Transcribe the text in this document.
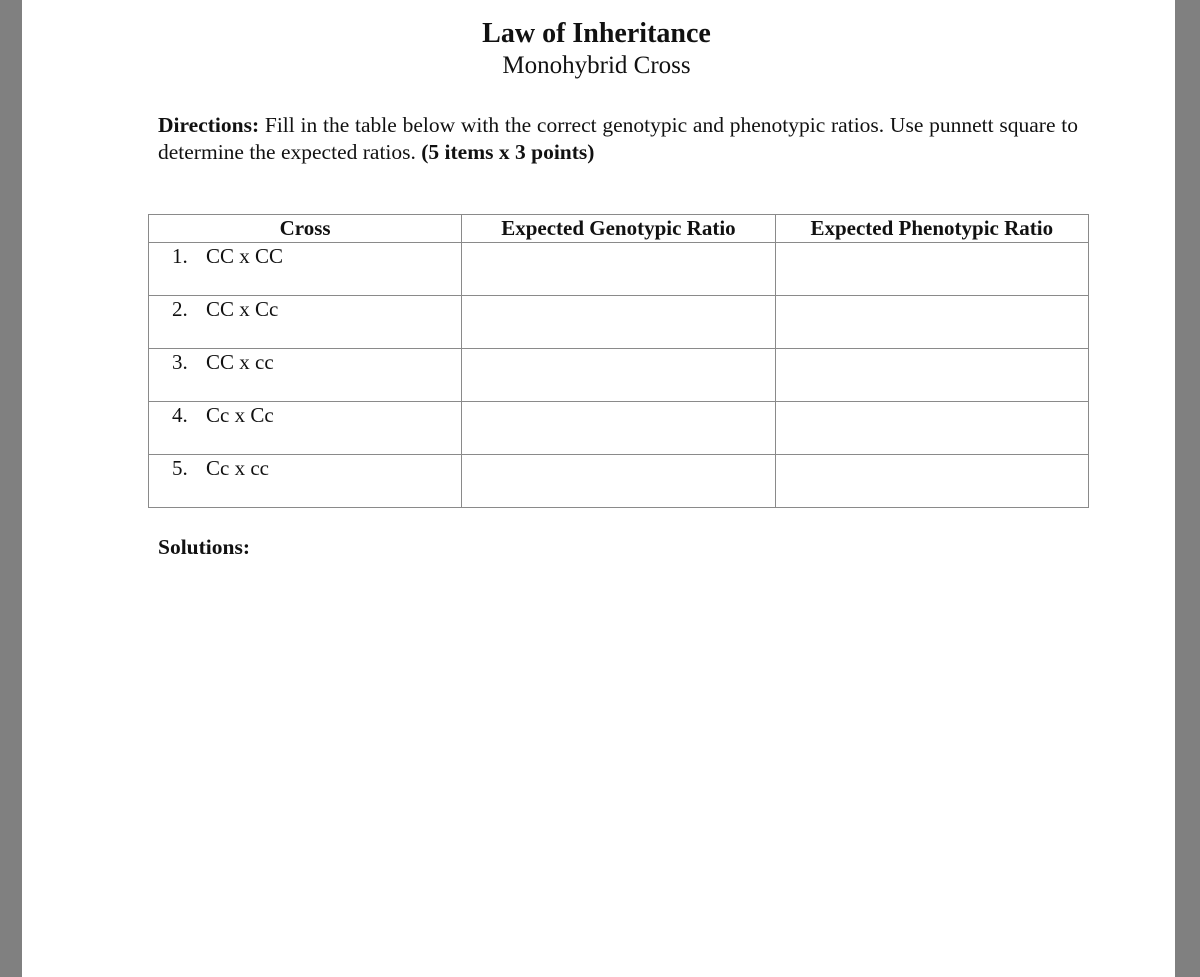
Law of Inheritance
Monohybrid Cross
Directions: Fill in the table below with the correct genotypic and phenotypic ratios. Use punnett square to determine the expected ratios. (5 items x 3 points)
Cross	Expected Genotypic Ratio	Expected Phenotypic Ratio
1. CC x CC		
2. CC x Cc		
3. CC x cc		
4. Cc x Cc		
5. Cc x cc		
Solutions:
